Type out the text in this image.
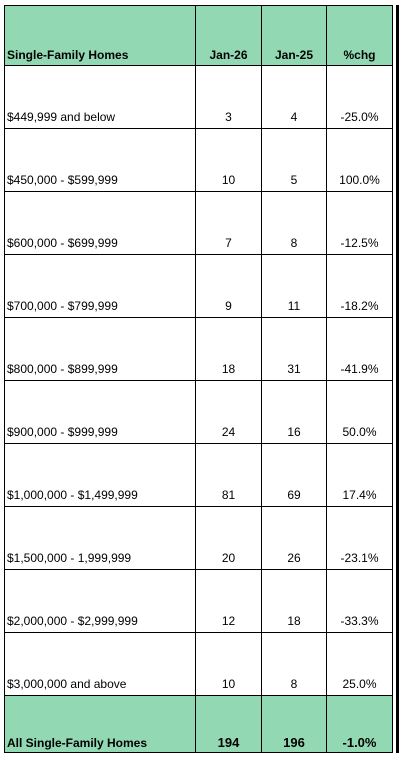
Single-Family Homes	Jan-26	Jan-25	%chg
$449,999 and below	3	4	-25.0%
$450,000 - $599,999	10	5	100.0%
$600,000 - $699,999	7	8	-12.5%
$700,000 - $799,999	9	11	-18.2%
$800,000 - $899,999	18	31	-41.9%
$900,000 - $999,999	24	16	50.0%
$1,000,000 - $1,499,999	81	69	17.4%
$1,500,000 - 1,999,999	20	26	-23.1%
$2,000,000 - $2,999,999	12	18	-33.3%
$3,000,000 and above	10	8	25.0%
All Single-Family Homes	194	196	-1.0%
